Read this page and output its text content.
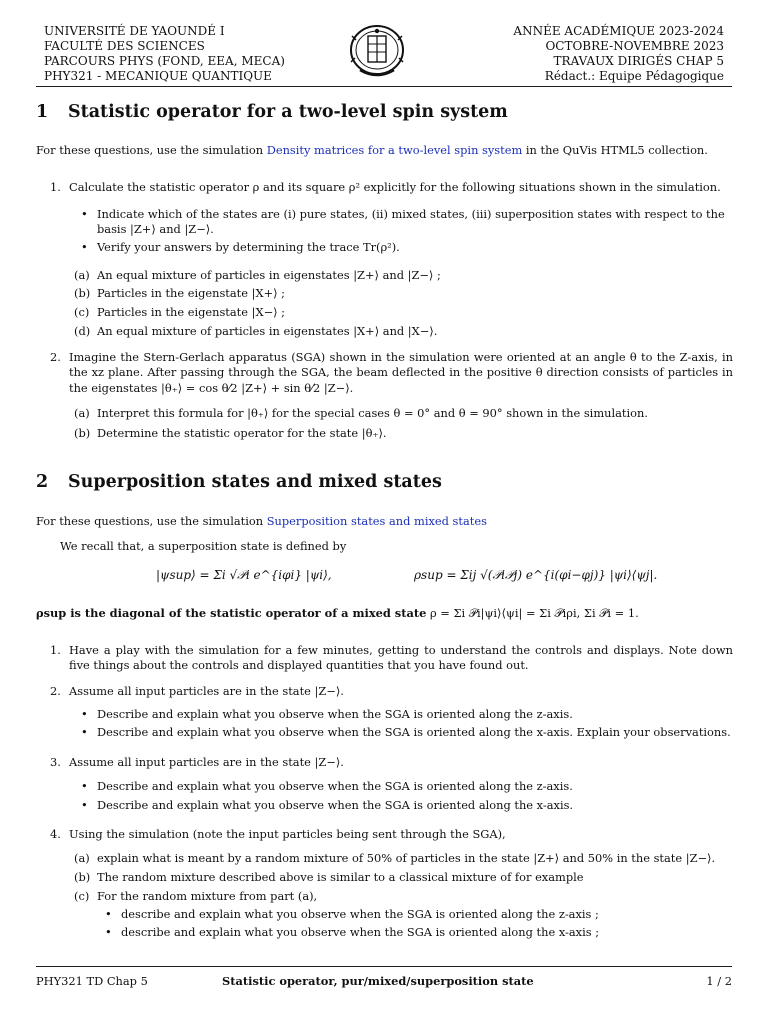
UNIVERSITÉ DE YAOUNDÉ I
FACULTÉ DES SCIENCES
PARCOURS PHYS (FOND, EEA, MECA)
PHY321 - MECANIQUE QUANTIQUE
ANNÉE ACADÉMIQUE 2023-2024
OCTOBRE-NOVEMBRE 2023
TRAVAUX DIRIGÉS CHAP 5
Rédact.: Equipe Pédagogique
1 Statistic operator for a two-level spin system
For these questions, use the simulation Density matrices for a two-level spin system in the QuVis HTML5 collection.
1. Calculate the statistic operator ρ and its square ρ² explicitly for the following situations shown in the simulation.
• Indicate which of the states are (i) pure states, (ii) mixed states, (iii) superposition states with respect to the basis |Z+⟩ and |Z−⟩.
• Verify your answers by determining the trace Tr(ρ²).
(a) An equal mixture of particles in eigenstates |Z+⟩ and |Z−⟩ ;
(b) Particles in the eigenstate |X+⟩ ;
(c) Particles in the eigenstate |X−⟩ ;
(d) An equal mixture of particles in eigenstates |X+⟩ and |X−⟩.
2. Imagine the Stern-Gerlach apparatus (SGA) shown in the simulation were oriented at an angle θ to the Z-axis, in the xz plane. After passing through the SGA, the beam deflected in the positive θ direction consists of particles in the eigenstates |θ₊⟩ = cos θ⁄2 |Z+⟩ + sin θ⁄2 |Z−⟩.
(a) Interpret this formula for |θ₊⟩ for the special cases θ = 0° and θ = 90° shown in the simulation.
(b) Determine the statistic operator for the state |θ₊⟩.
2 Superposition states and mixed states
For these questions, use the simulation Superposition states and mixed states
We recall that, a superposition state is defined by
|ψsup⟩ = Σi √𝒫i e^{iφi} |ψi⟩,	ρsup = Σij √(𝒫i𝒫j) e^{i(φi−φj)} |ψi⟩⟨ψj|.
ρsup is the diagonal of the statistic operator of a mixed state ρ = Σi 𝒫i|ψi⟩⟨ψi| = Σi 𝒫iρi, Σi 𝒫i = 1.
1. Have a play with the simulation for a few minutes, getting to understand the controls and displays. Note down five things about the controls and displayed quantities that you have found out.
2. Assume all input particles are in the state |Z−⟩.
• Describe and explain what you observe when the SGA is oriented along the z-axis.
• Describe and explain what you observe when the SGA is oriented along the x-axis. Explain your observations.
3. Assume all input particles are in the state |Z−⟩.
• Describe and explain what you observe when the SGA is oriented along the z-axis.
• Describe and explain what you observe when the SGA is oriented along the x-axis.
4. Using the simulation (note the input particles being sent through the SGA),
(a) explain what is meant by a random mixture of 50% of particles in the state |Z+⟩ and 50% in the state |Z−⟩.
(b) The random mixture described above is similar to a classical mixture of for example
(c) For the random mixture from part (a),
• describe and explain what you observe when the SGA is oriented along the z-axis ;
• describe and explain what you observe when the SGA is oriented along the x-axis ;
PHY321 TD Chap 5	Statistic operator, pur/mixed/superposition state	1 / 2
